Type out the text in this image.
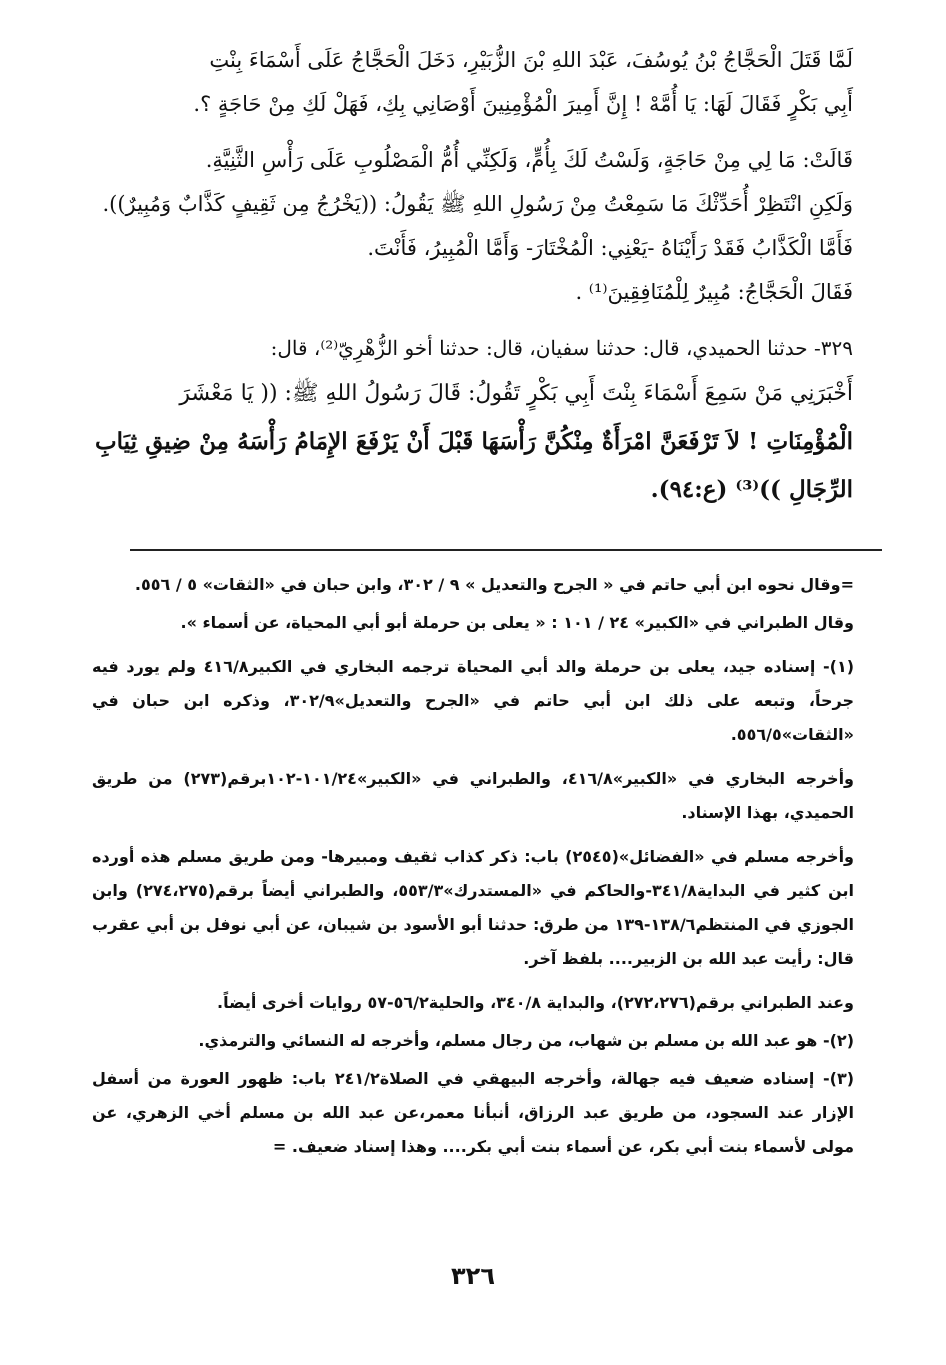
لَمَّا قَتَلَ الْحَجَّاجُ بْنُ يُوسُفَ، عَبْدَ اللهِ بْنَ الزُّبَيْرِ، دَخَلَ الْحَجَّاجُ عَلَى أَسْمَاءَ بِنْتِ

أَبِي بَكْرٍ فَقَالَ لَهَا: يَا أُمَّهْ ! إِنَّ أَمِيرَ الْمُؤْمِنِينَ أَوْصَانِي بِكِ، فَهَلْ لَكِ مِنْ حَاجَةٍ ؟.

قَالَتْ: مَا لِي مِنْ حَاجَةٍ، وَلَسْتُ لَكَ بِأُمٍّ، وَلَكِنِّي أُمُّ الْمَصْلُوبِ عَلَى رَأْسِ الثَّنِيَّةِ.

وَلَكِنِ انْتَظِرْ أُحَدِّثْكَ مَا سَمِعْتُ مِنْ رَسُولِ اللهِ ﷺ يَقُولُ: ((يَخْرُجُ مِن ثَقِيفٍ كَذَّابٌ وَمُبِيرٌ)).

فَأَمَّا الْكَذَّابُ فَقَدْ رَأَيْنَاهُ -يَعْنِي: الْمُخْتَارَ- وَأَمَّا الْمُبِيرُ، فَأَنْتَ.

فَقَالَ الْحَجَّاجُ: مُبِيرٌ لِلْمُنَافِقِينَ⁽¹⁾ .

٣٢٩- حدثنا الحميدي، قال: حدثنا سفيان، قال: حدثنا أخو الزُّهْرِيّ⁽²⁾، قال:

أَخْبَرَنِي مَنْ سَمِعَ أَسْمَاءَ بِنْتَ أَبِي بَكْرٍ تَقُولُ: قَالَ رَسُولُ اللهِ ﷺ: (( يَا مَعْشَرَ

الْمُؤْمِنَاتِ ! لاَ تَرْفَعَنَّ امْرَأَةٌ مِنْكُنَّ رَأْسَهَا قَبْلَ أَنْ يَرْفَعَ الإِمَامُ رَأْسَهُ مِنْ ضِيقِ ثِيَابِ الرِّجَالِ ))⁽³⁾ (ع:٩٤).

=وقال نحوه ابن أبي حاتم في « الجرح والتعديل » ٩ / ٣٠٢، وابن حبان في «الثقات» ٥ / ٥٥٦.

وقال الطبراني في «الكبير» ٢٤ / ١٠١ : « يعلى بن حرملة أبو أبي المحياة، عن أسماء ».

(١)- إسناده جيد، يعلى بن حرملة والد أبي المحياة ترجمه البخاري في الكبير٤١٦/٨ ولم يورد فيه جرحاً، وتبعه على ذلك ابن أبي حاتم في «الجرح والتعديل»٣٠٢/٩، وذكره ابن حبان في «الثقات»٥٥٦/٥.

وأخرجه البخاري في «الكبير»٤١٦/٨، والطبراني في «الكبير»١٠١/٢٤-١٠٢برقم(٢٧٣) من طريق الحميدي، بهذا الإسناد.

وأخرجه مسلم في «الفضائل»(٢٥٤٥) باب: ذكر كذاب ثقيف ومبيرها- ومن طريق مسلم هذه أورده ابن كثير في البداية٣٤١/٨-والحاكم في «المستدرك»٥٥٣/٣، والطبراني أيضاً برقم(٢٧٤،٢٧٥) وابن الجوزي في المنتظم١٣٨/٦-١٣٩ من طرق: حدثنا أبو الأسود بن شيبان، عن أبي نوفل بن أبي عقرب قال: رأيت عبد الله بن الزبير.... بلفظ آخر.

وعند الطبراني برقم(٢٧٢،٢٧٦)، والبداية ٣٤٠/٨، والحلية٥٦/٢-٥٧ روايات أخرى أيضاً.

(٢)- هو عبد الله بن مسلم بن شهاب، من رجال مسلم، وأخرجه له النسائي والترمذي.

(٣)- إسناده ضعيف فيه جهالة، وأخرجه البيهقي في الصلاة٢٤١/٢ باب: ظهور العورة من أسفل الإزار عند السجود، من طريق عبد الرزاق، أنبأنا معمر،عن عبد الله بن مسلم أخي الزهري، عن مولى لأسماء بنت أبي بكر، عن أسماء بنت أبي بكر.... وهذا إسناد ضعيف. =

٣٢٦
